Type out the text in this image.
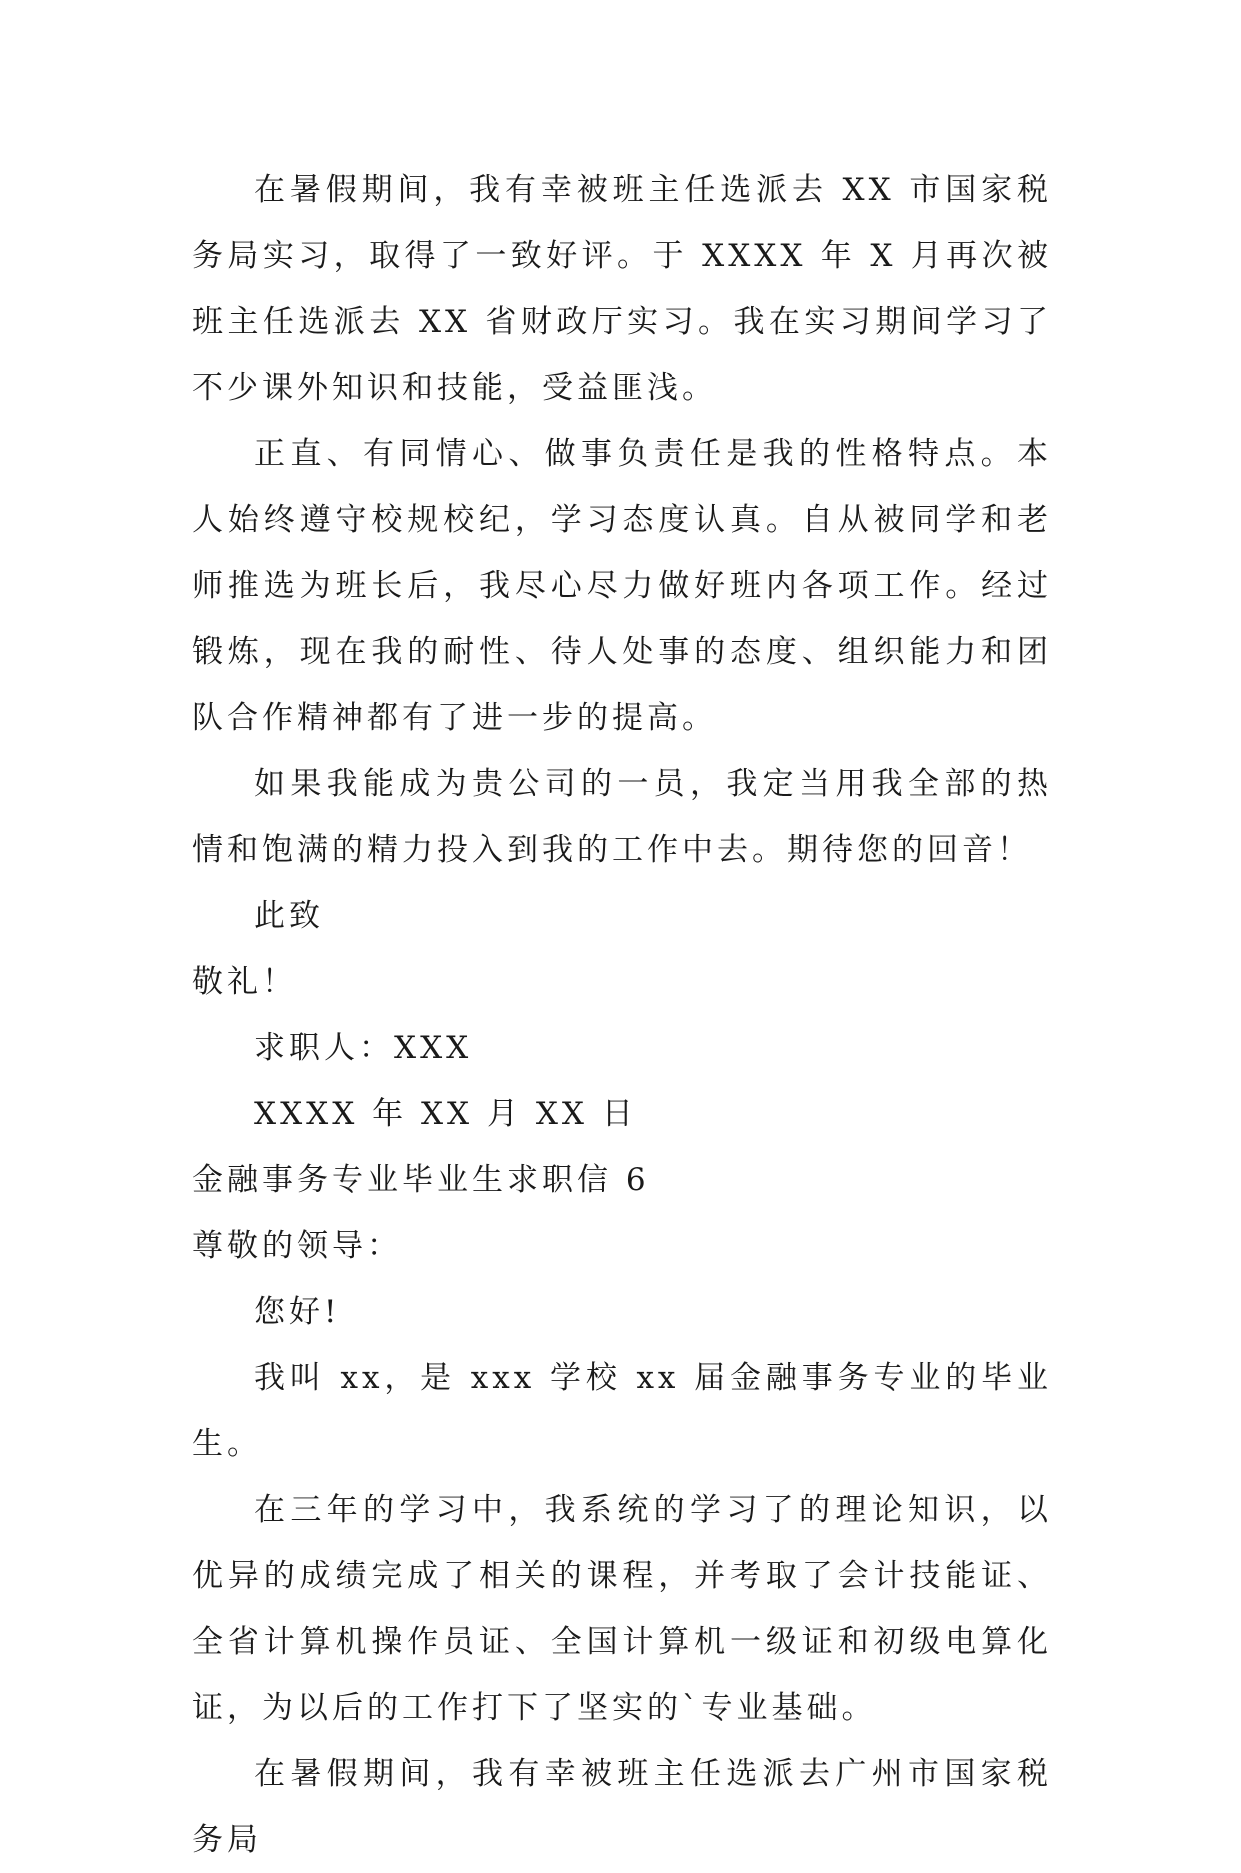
在暑假期间，我有幸被班主任选派去 XX 市国家税务局实习，取得了一致好评。于 XXXX 年 X 月再次被班主任选派去 XX 省财政厅实习。我在实习期间学习了不少课外知识和技能，受益匪浅。

正直、有同情心、做事负责任是我的性格特点。本人始终遵守校规校纪，学习态度认真。自从被同学和老师推选为班长后，我尽心尽力做好班内各项工作。经过锻炼，现在我的耐性、待人处事的态度、组织能力和团队合作精神都有了进一步的提高。

如果我能成为贵公司的一员，我定当用我全部的热情和饱满的精力投入到我的工作中去。期待您的回音！

此致

敬礼！

求职人：XXX

XXXX 年 XX 月 XX 日

金融事务专业毕业生求职信 6

尊敬的领导：

您好!

我叫 xx，是 xxx 学校 xx 届金融事务专业的毕业生。

在三年的学习中，我系统的学习了的理论知识，以优异的成绩完成了相关的课程，并考取了会计技能证、全省计算机操作员证、全国计算机一级证和初级电算化证，为以后的工作打下了坚实的`专业基础。

在暑假期间，我有幸被班主任选派去广州市国家税务局
